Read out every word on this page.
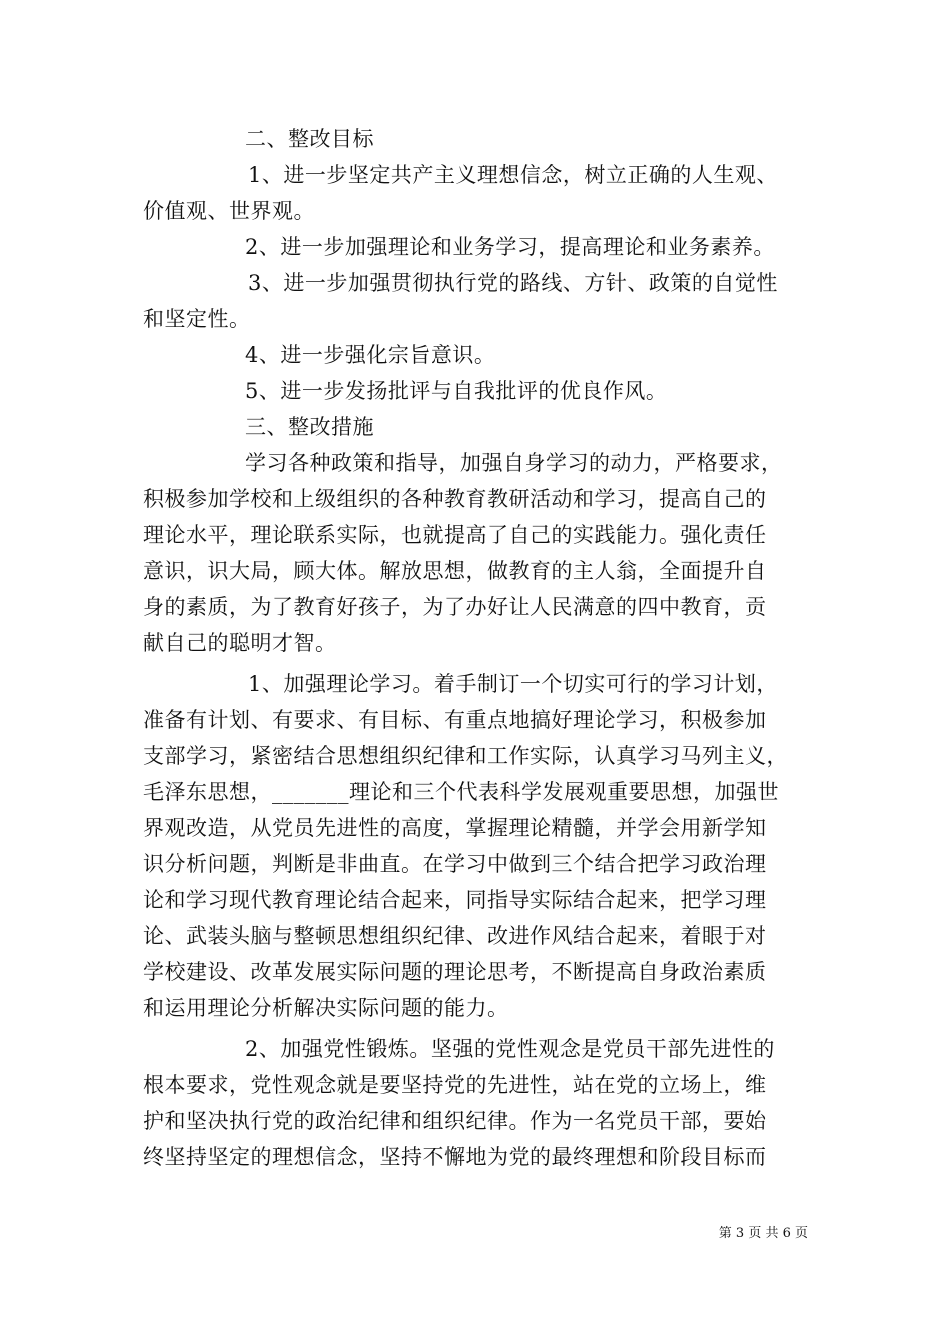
二、整改目标
1、进一步坚定共产主义理想信念，树立正确的人生观、
价值观、世界观。
2、进一步加强理论和业务学习，提高理论和业务素养。
3、进一步加强贯彻执行党的路线、方针、政策的自觉性
和坚定性。
4、进一步强化宗旨意识。
5、进一步发扬批评与自我批评的优良作风。
三、整改措施
学习各种政策和指导，加强自身学习的动力，严格要求，
积极参加学校和上级组织的各种教育教研活动和学习，提高自己的
理论水平，理论联系实际，也就提高了自己的实践能力。强化责任
意识，识大局，顾大体。解放思想，做教育的主人翁，全面提升自
身的素质，为了教育好孩子，为了办好让人民满意的四中教育，贡
献自己的聪明才智。
1、加强理论学习。着手制订一个切实可行的学习计划，
准备有计划、有要求、有目标、有重点地搞好理论学习，积极参加
支部学习，紧密结合思想组织纪律和工作实际，认真学习马列主义，
毛泽东思想，_______理论和三个代表科学发展观重要思想，加强世
界观改造，从党员先进性的高度，掌握理论精髓，并学会用新学知
识分析问题，判断是非曲直。在学习中做到三个结合把学习政治理
论和学习现代教育理论结合起来，同指导实际结合起来，把学习理
论、武装头脑与整顿思想组织纪律、改进作风结合起来，着眼于对
学校建设、改革发展实际问题的理论思考，不断提高自身政治素质
和运用理论分析解决实际问题的能力。
2、加强党性锻炼。坚强的党性观念是党员干部先进性的
根本要求，党性观念就是要坚持党的先进性，站在党的立场上，维
护和坚决执行党的政治纪律和组织纪律。作为一名党员干部，要始
终坚持坚定的理想信念，坚持不懈地为党的最终理想和阶段目标而
第 3 页 共 6 页
